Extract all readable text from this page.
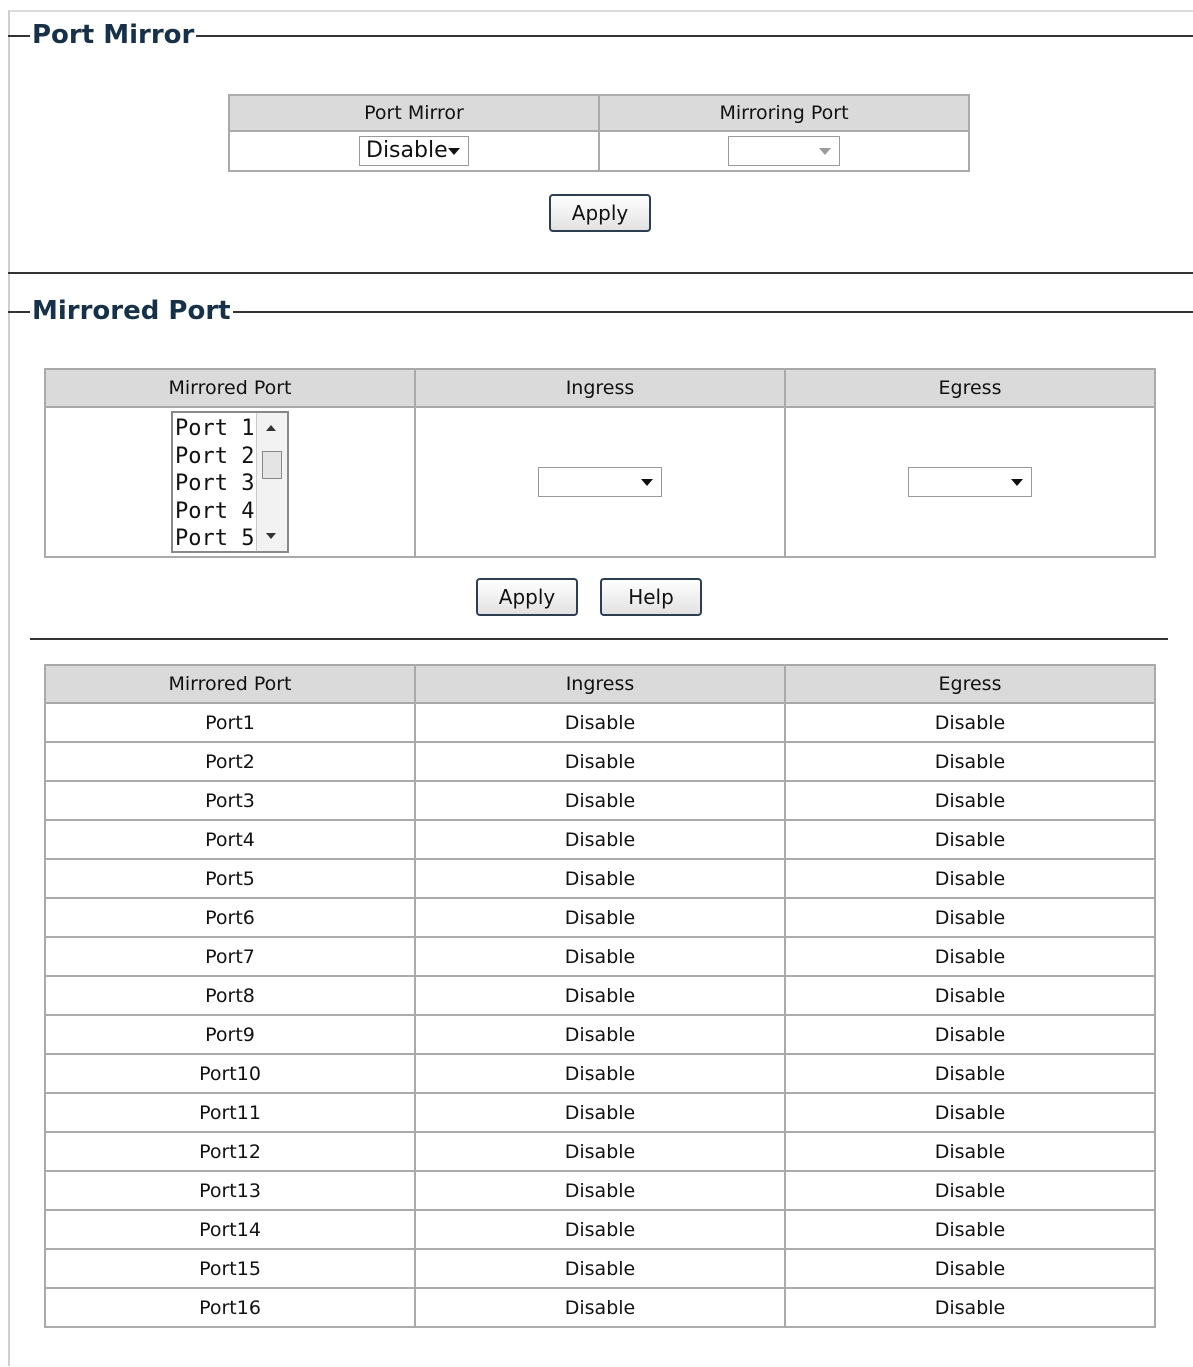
Port Mirror
Port Mirror	Mirroring Port

Disable	

Apply
Mirrored Port
Mirrored Port	Ingress	Egress

Port 1
Port 2
Port 3
Port 4
Port 5		

Apply	Help
Mirrored Port	Ingress	Egress
Port1	Disable	Disable
Port2	Disable	Disable
Port3	Disable	Disable
Port4	Disable	Disable
Port5	Disable	Disable
Port6	Disable	Disable
Port7	Disable	Disable
Port8	Disable	Disable
Port9	Disable	Disable
Port10	Disable	Disable
Port11	Disable	Disable
Port12	Disable	Disable
Port13	Disable	Disable
Port14	Disable	Disable
Port15	Disable	Disable
Port16	Disable	Disable
